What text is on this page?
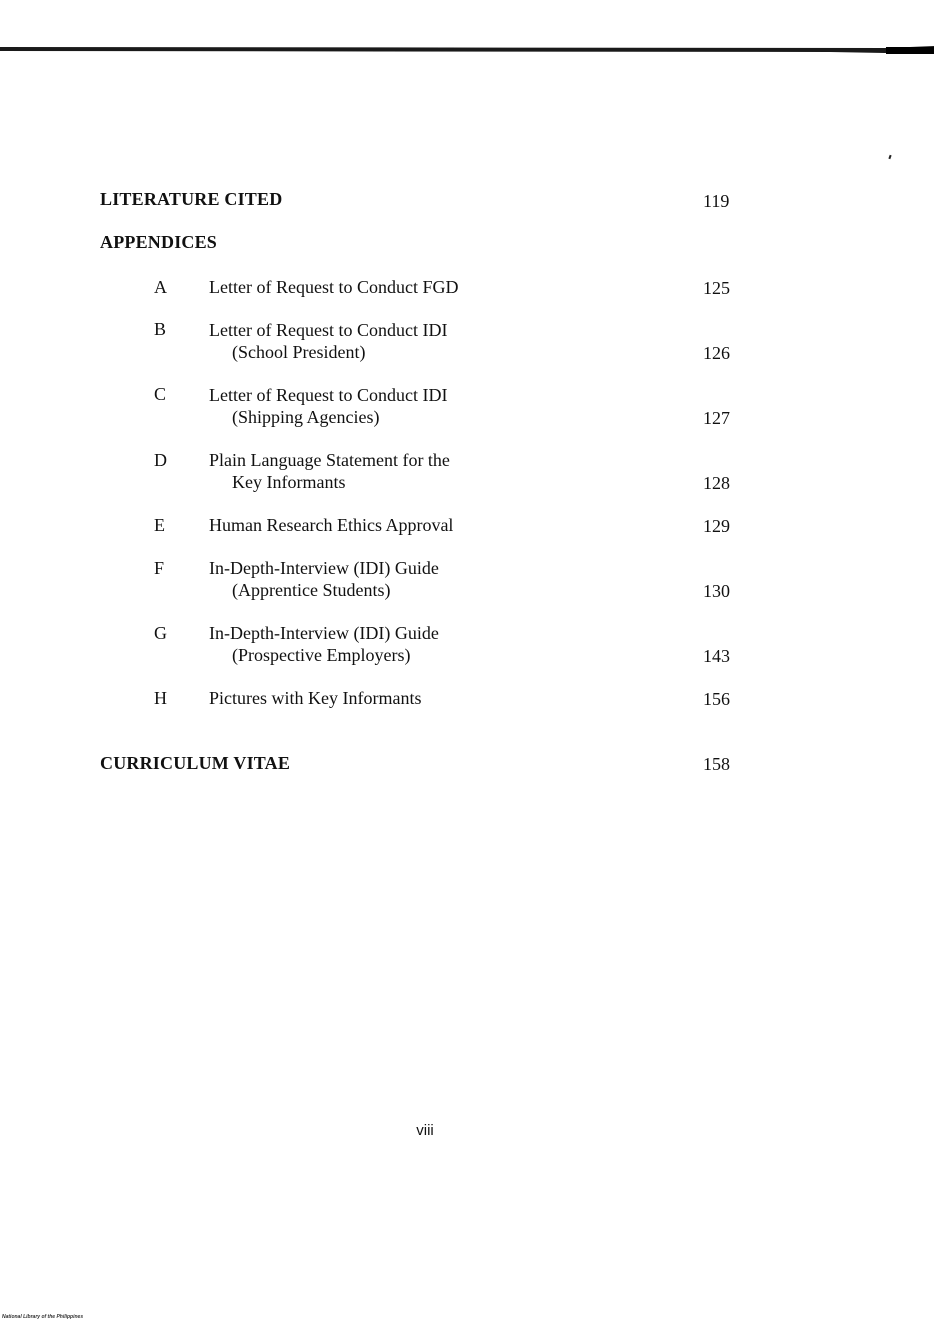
LITERATURE CITED	119
APPENDICES
A Letter of Request to Conduct FGD	125
B Letter of Request to Conduct IDI
(School President)	126
C Letter of Request to Conduct IDI
(Shipping Agencies)	127
D Plain Language Statement for the
Key Informants	128
E Human Research Ethics Approval	129
F In-Depth-Interview (IDI) Guide
(Apprentice Students)	130
G In-Depth-Interview (IDI) Guide
(Prospective Employers)	143
H Pictures with Key Informants	156
CURRICULUM VITAE	158
viii
National Library of the Philippines
